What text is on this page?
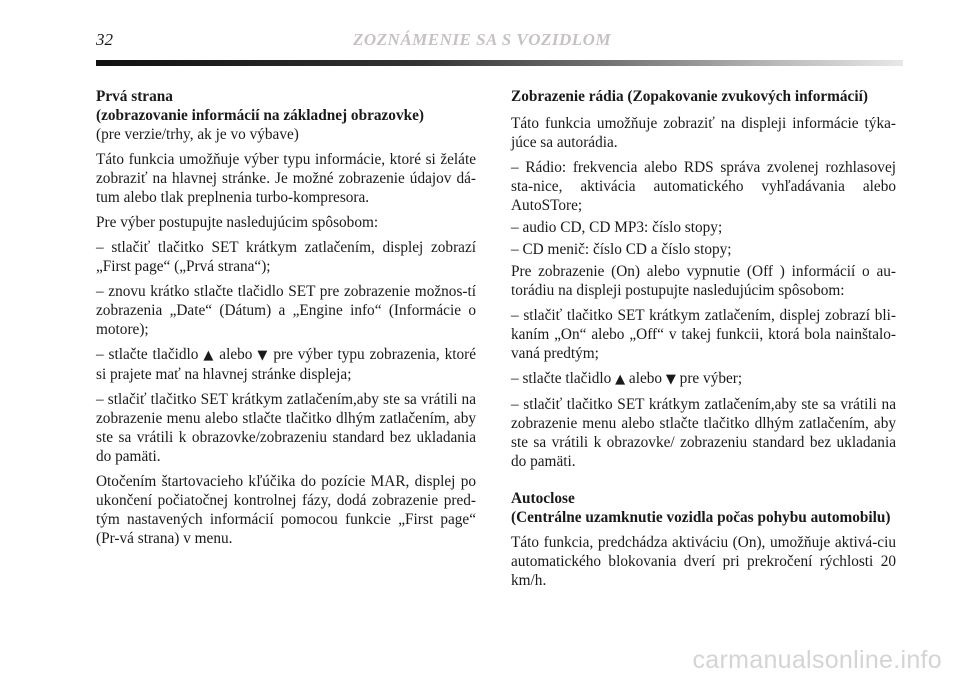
32	ZOZNÁMENIE SA S VOZIDLOM
Prvá strana
(zobrazovanie informácií na základnej obrazovke)
(pre verzie/trhy, ak je vo výbave)

Táto funkcia umožňuje výber typu informácie, ktoré si želáte zobraziť na hlavnej stránke. Je možné zobrazenie údajov dá-tum alebo tlak preplnenia turbo-kompresora.

Pre výber postupujte nasledujúcim spôsobom:

– stlačiť tlačitko SET krátkym zatlačením, displej zobrazí „First page“ („Prvá strana“);

– znovu krátko stlačte tlačidlo SET pre zobrazenie možnos-tí zobrazenia „Date“ (Dátum) a „Engine info“ (Informácie o motore);

– stlačte tlačidlo ▲ alebo ▼ pre výber typu zobrazenia, ktoré si prajete mať na hlavnej stránke displeja;

– stlačiť tlačitko SET krátkym zatlačením,aby ste sa vrátili na zobrazenie menu alebo stlačte tlačitko dlhým zatlačením, aby ste sa vrátili k obrazovke/zobrazeniu standard bez ukladania do pamäti.

Otočením štartovacieho kľúčika do pozície MAR, displej po ukončení počiatočnej kontrolnej fázy, dodá zobrazenie pred-tým nastavených informácií pomocou funkcie „First page“ (Pr-vá strana) v menu.

Zobrazenie rádia (Zopakovanie zvukových informácií)

Táto funkcia umožňuje zobraziť na displeji informácie týka-júce sa autorádia.

– Rádio: frekvencia alebo RDS správa zvolenej rozhlasovej sta-nice, aktivácia automatického vyhľadávania alebo AutoSTore;

– audio CD, CD MP3: číslo stopy;

– CD menič: číslo CD a číslo stopy;

Pre zobrazenie (On) alebo vypnutie (Off ) informácií o au-torádiu na displeji postupujte nasledujúcim spôsobom:

– stlačiť tlačitko SET krátkym zatlačením, displej zobrazí bli-kaním „On“ alebo „Off“ v takej funkcii, ktorá bola nainštalo-vaná predtým;

– stlačte tlačidlo ▲ alebo ▼ pre výber;

– stlačiť tlačitko SET krátkym zatlačením,aby ste sa vrátili na zobrazenie menu alebo stlačte tlačitko dlhým zatlačením, aby ste sa vrátili k obrazovke/ zobrazeniu standard bez ukladania do pamäti.

Autoclose
(Centrálne uzamknutie vozidla počas pohybu automobilu)

Táto funkcia, predchádza aktiváciu (On), umožňuje aktivá-ciu automatického blokovania dverí pri prekročení rýchlosti 20 km/h.

carmanualsonline.info
